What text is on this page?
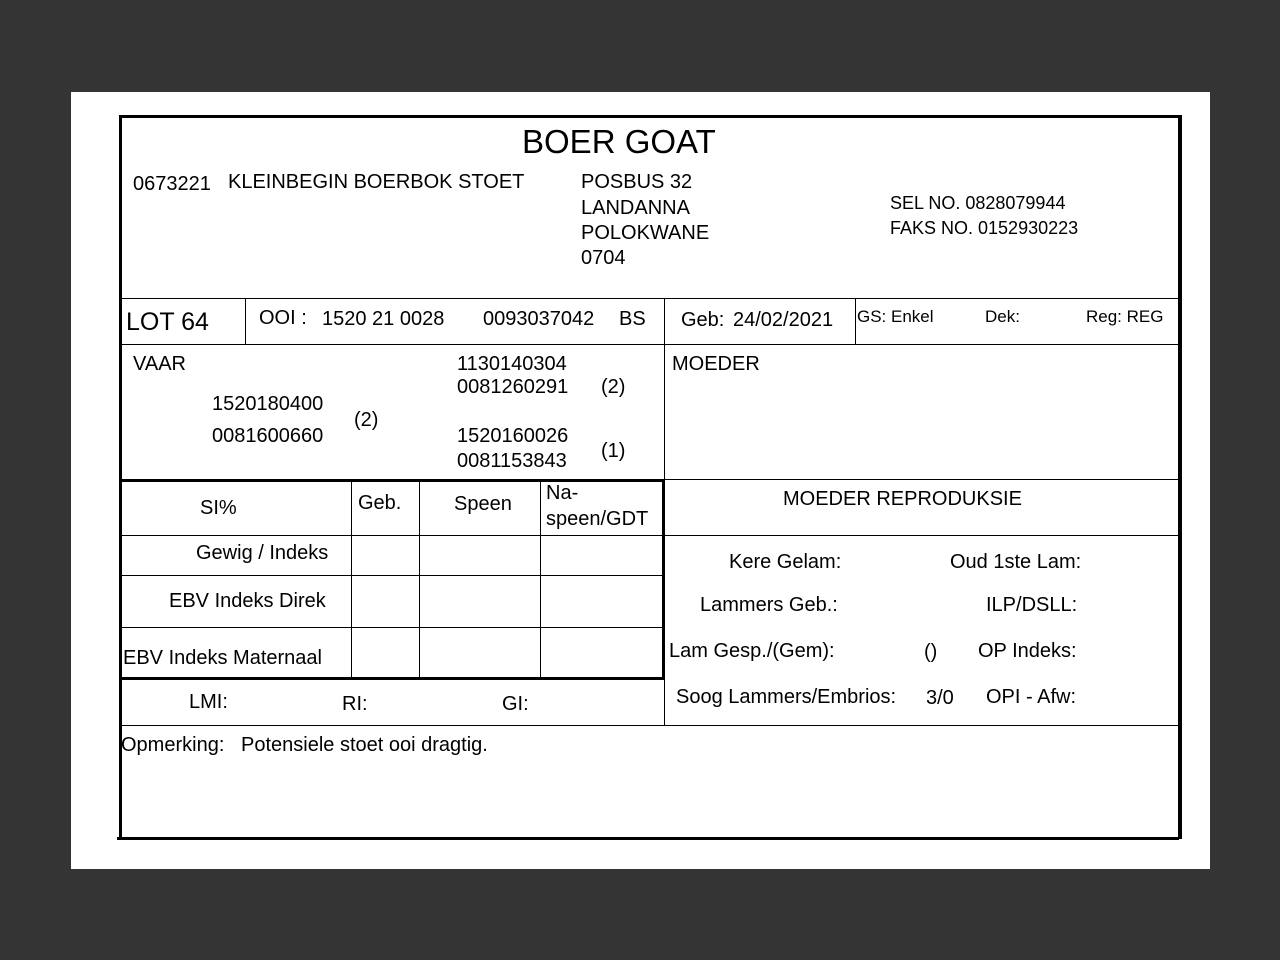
BOER GOAT
0673221 KLEINBEGIN BOERBOK STOET	POSBUS 32
LANDANNA
POLOKWANE
0704
SEL NO. 0828079944
FAKS NO. 0152930223
LOT 64	OOI : 1520 21 0028 0093037042 BS Geb: 24/02/2021 GS: Enkel	Dek:	Reg: REG
VAAR
1520180400
0081600660
(2)
1130140304
0081260291 (2)
1520160026
0081153843 (1)
MOEDER
SI%	Geb.	Speen Na-
speen/GDT
Gewig / Indeks
EBV Indeks Direk
EBV Indeks Maternaal
LMI:	RI:	GI:
MOEDER REPRODUKSIE
Kere Gelam:	Oud 1ste Lam:
Lammers Geb.:	ILP/DSLL:
Lam Gesp./(Gem):	() OP Indeks:
Soog Lammers/Embrios: 3/0 OPI - Afw:
Opmerking: Potensiele stoet ooi dragtig.
